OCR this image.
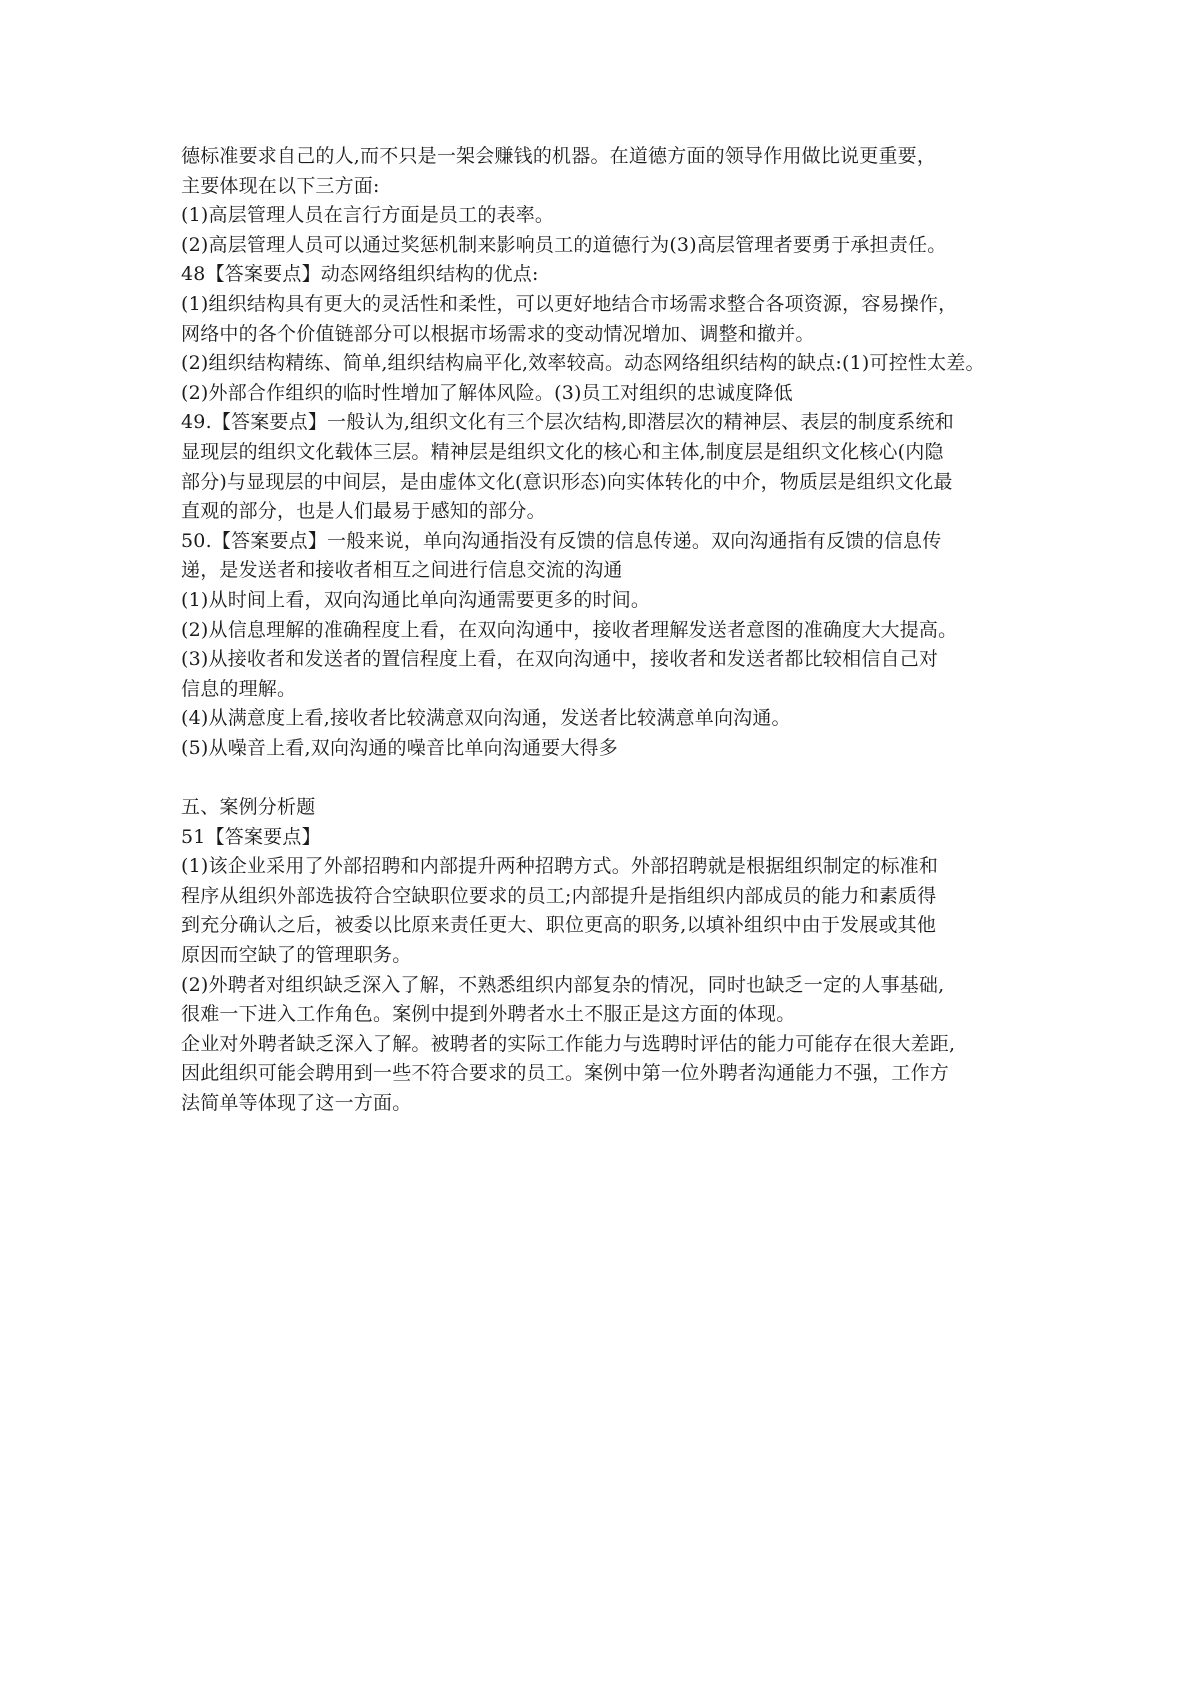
德标准要求自己的人,而不只是一架会赚钱的机器。在道德方面的领导作用做比说更重要，
主要体现在以下三方面:
(1)高层管理人员在言行方面是员工的表率。
(2)高层管理人员可以通过奖惩机制来影响员工的道德行为(3)高层管理者要勇于承担责任。
48【答案要点】动态网络组织结构的优点:
(1)组织结构具有更大的灵活性和柔性，可以更好地结合市场需求整合各项资源，容易操作，
网络中的各个价值链部分可以根据市场需求的变动情况增加、调整和撤并。
(2)组织结构精练、简单,组织结构扁平化,效率较高。动态网络组织结构的缺点:(1)可控性太差。
(2)外部合作组织的临时性增加了解体风险。(3)员工对组织的忠诚度降低
49.【答案要点】一般认为,组织文化有三个层次结构,即潜层次的精神层、表层的制度系统和
显现层的组织文化载体三层。精神层是组织文化的核心和主体,制度层是组织文化核心(内隐
部分)与显现层的中间层，是由虚体文化(意识形态)向实体转化的中介，物质层是组织文化最
直观的部分，也是人们最易于感知的部分。
50.【答案要点】一般来说，单向沟通指没有反馈的信息传递。双向沟通指有反馈的信息传
递，是发送者和接收者相互之间进行信息交流的沟通
(1)从时间上看，双向沟通比单向沟通需要更多的时间。
(2)从信息理解的准确程度上看，在双向沟通中，接收者理解发送者意图的准确度大大提高。
(3)从接收者和发送者的置信程度上看，在双向沟通中，接收者和发送者都比较相信自己对
信息的理解。
(4)从满意度上看,接收者比较满意双向沟通，发送者比较满意单向沟通。
(5)从噪音上看,双向沟通的噪音比单向沟通要大得多
五、案例分析题
51【答案要点】
(1)该企业采用了外部招聘和内部提升两种招聘方式。外部招聘就是根据组织制定的标准和
程序从组织外部选拔符合空缺职位要求的员工;内部提升是指组织内部成员的能力和素质得
到充分确认之后，被委以比原来责任更大、职位更高的职务,以填补组织中由于发展或其他
原因而空缺了的管理职务。
(2)外聘者对组织缺乏深入了解，不熟悉组织内部复杂的情况，同时也缺乏一定的人事基础,
很难一下进入工作角色。案例中提到外聘者水土不服正是这方面的体现。
企业对外聘者缺乏深入了解。被聘者的实际工作能力与选聘时评估的能力可能存在很大差距,
因此组织可能会聘用到一些不符合要求的员工。案例中第一位外聘者沟通能力不强，工作方
法简单等体现了这一方面。
